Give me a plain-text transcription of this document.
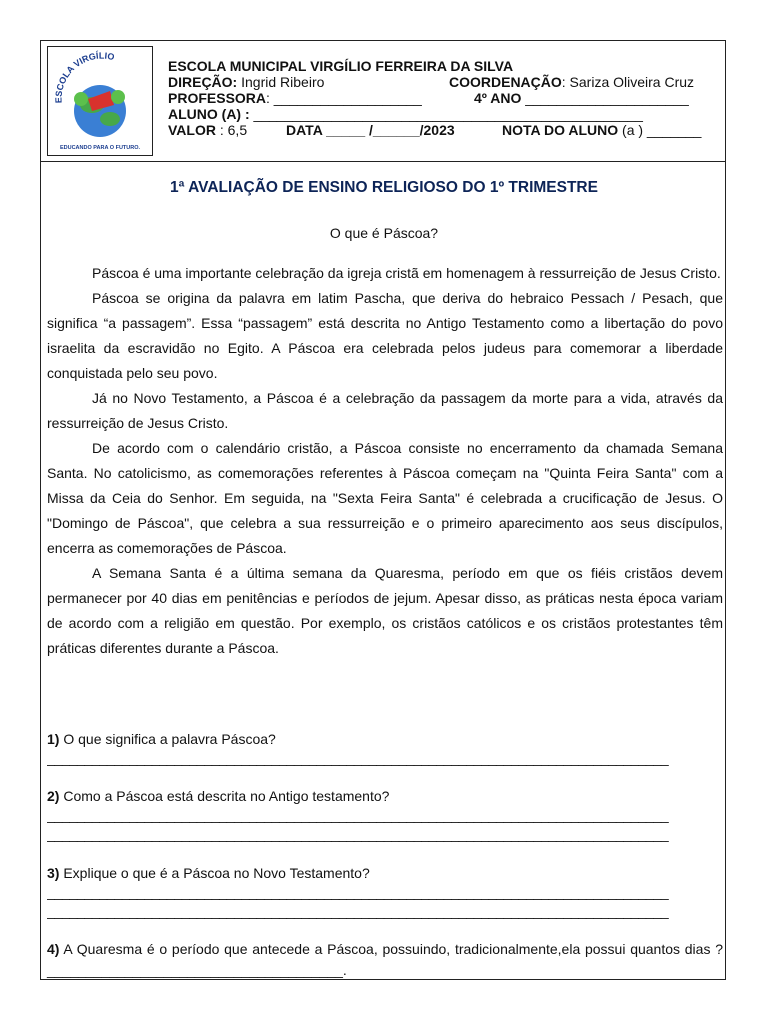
ESCOLA VIRGÍLIO
EDUCANDO PARA O FUTURO.
ESCOLA MUNICIPAL VIRGÍLIO FERREIRA DA SILVA
DIREÇÃO: Ingrid Ribeiro	COORDENAÇÃO: Sariza Oliveira Cruz
PROFESSORA: ___________________	4º ANO _____________________
ALUNO (A) : __________________________________________________
VALOR : 6,5	DATA _____ /______/2023	NOTA DO ALUNO (a ) _______
1ª AVALIAÇÃO DE ENSINO RELIGIOSO DO 1º TRIMESTRE
O que é Páscoa?

Páscoa é uma importante celebração da igreja cristã em homenagem à ressurreição de Jesus Cristo.

Páscoa se origina da palavra em latim Pascha, que deriva do hebraico Pessach / Pesach, que significa “a passagem”. Essa “passagem” está descrita no Antigo Testamento como a libertação do povo israelita da escravidão no Egito. A Páscoa era celebrada pelos judeus para comemorar a liberdade conquistada pelo seu povo.

Já no Novo Testamento, a Páscoa é a celebração da passagem da morte para a vida, através da ressurreição de Jesus Cristo.

De acordo com o calendário cristão, a Páscoa consiste no encerramento da chamada Semana Santa. No catolicismo, as comemorações referentes à Páscoa começam na "Quinta Feira Santa" com a Missa da Ceia do Senhor. Em seguida, na "Sexta Feira Santa" é celebrada a crucificação de Jesus. O "Domingo de Páscoa", que celebra a sua ressurreição e o primeiro aparecimento aos seus discípulos, encerra as comemorações de Páscoa.

A Semana Santa é a última semana da Quaresma, período em que os fiéis cristãos devem permanecer por 40 dias em penitências e períodos de jejum. Apesar disso, as práticas nesta época variam de acordo com a religião em questão. Por exemplo, os cristãos católicos e os cristãos protestantes têm práticas diferentes durante a Páscoa.

1) O que significa a palavra Páscoa?
___________________________________________________________________________________
2) Como a Páscoa está descrita no Antigo testamento?
___________________________________________________________________________________
___________________________________________________________________________________
3) Explique o que é a Páscoa no Novo Testamento?
___________________________________________________________________________________
___________________________________________________________________________________
4) A Quaresma é o período que antecede a Páscoa, possuindo, tradicionalmente,ela possui quantos dias ?______________________________________.
